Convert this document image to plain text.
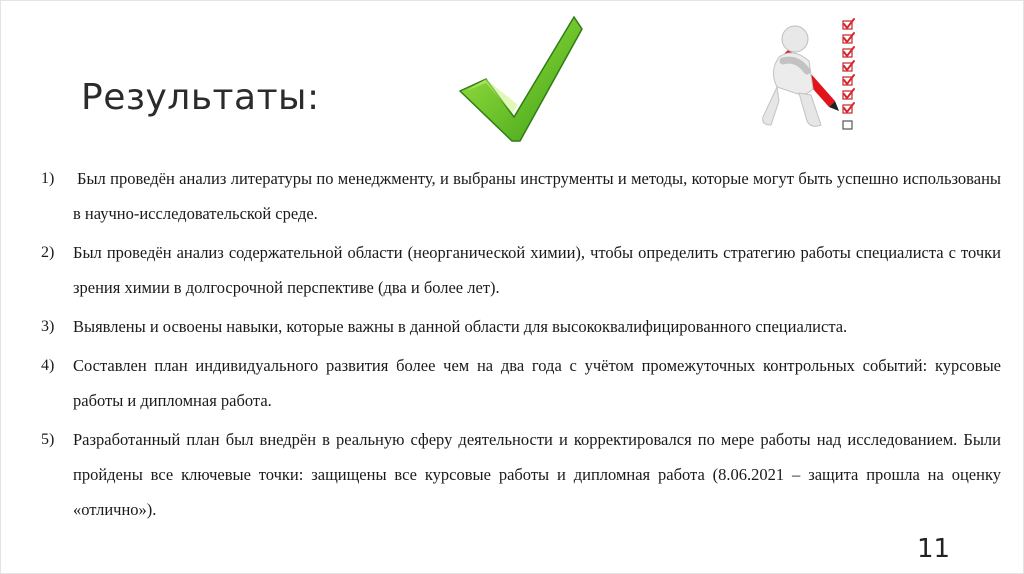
Результаты:
1) Был проведён анализ литературы по менеджменту, и выбраны инструменты и методы, которые могут быть успешно использованы в научно-исследовательской среде.
2) Был проведён анализ содержательной области (неорганической химии), чтобы определить стратегию работы специалиста с точки зрения химии в долгосрочной перспективе (два и более лет).
3) Выявлены и освоены навыки, которые важны в данной области для высококвалифицированного специалиста.
4) Составлен план индивидуального развития более чем на два года с учётом промежуточных контрольных событий: курсовые работы и дипломная работа.
5) Разработанный план был внедрён в реальную сферу деятельности и корректировался по мере работы над исследованием. Были пройдены все ключевые точки: защищены все курсовые работы и дипломная работа (8.06.2021 – защита прошла на оценку «отлично»).
11
